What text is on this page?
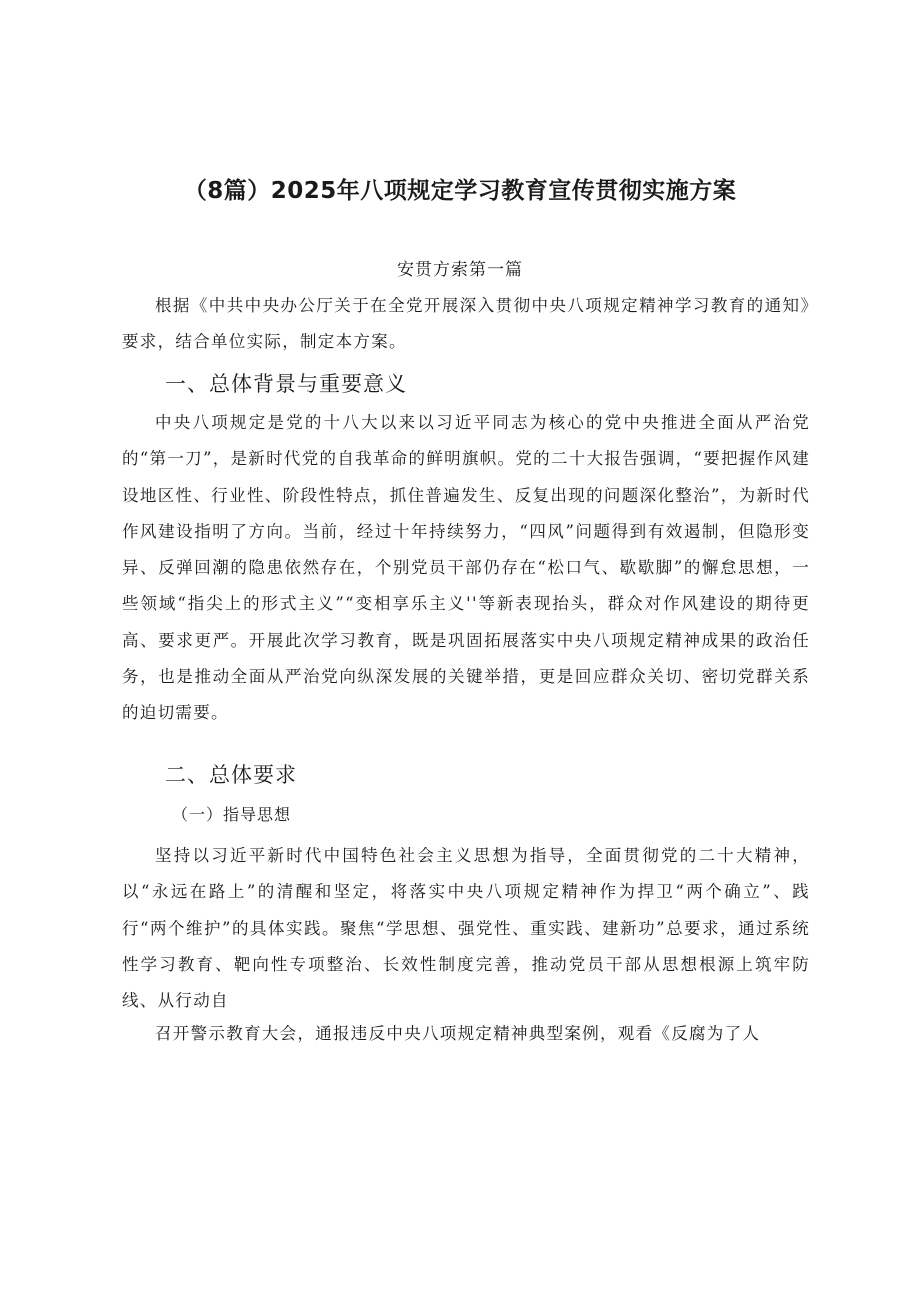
（8篇）2025年八项规定学习教育宣传贯彻实施方案
安贯方索第一篇

根据《中共中央办公厅关于在全党开展深入贯彻中央八项规定精神学习教育的通知》要求，结合单位实际，制定本方案。

一、总体背景与重要意义

中央八项规定是党的十八大以来以习近平同志为核心的党中央推进全面从严治党的“第一刀”，是新时代党的自我革命的鲜明旗帜。党的二十大报告强调，“要把握作风建设地区性、行业性、阶段性特点，抓住普遍发生、反复出现的问题深化整治”，为新时代作风建设指明了方向。当前，经过十年持续努力，“四风”问题得到有效遏制，但隐形变异、反弹回潮的隐患依然存在，个别党员干部仍存在“松口气、歇歇脚”的懈怠思想，一些领域“指尖上的形式主义”“变相享乐主义''等新表现抬头，群众对作风建设的期待更高、要求更严。开展此次学习教育，既是巩固拓展落实中央八项规定精神成果的政治任务，也是推动全面从严治党向纵深发展的关键举措，更是回应群众关切、密切党群关系的迫切需要。

二、总体要求
（一）指导思想

坚持以习近平新时代中国特色社会主义思想为指导，全面贯彻党的二十大精神，以“永远在路上”的清醒和坚定，将落实中央八项规定精神作为捍卫“两个确立”、践行“两个维护”的具体实践。聚焦“学思想、强党性、重实践、建新功”总要求，通过系统性学习教育、靶向性专项整治、长效性制度完善，推动党员干部从思想根源上筑牢防线、从行动自

召开警示教育大会，通报违反中央八项规定精神典型案例，观看《反腐为了人
